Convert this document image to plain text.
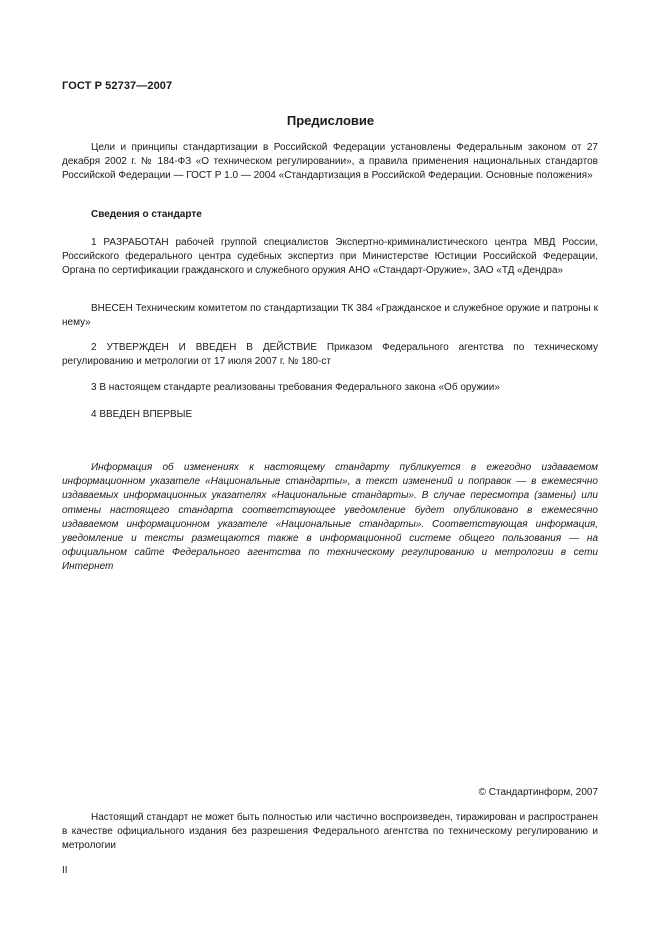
ГОСТ Р 52737—2007
Предисловие

Цели и принципы стандартизации в Российской Федерации установлены Федеральным законом от 27 декабря 2002 г. № 184-ФЗ «О техническом регулировании», а правила применения национальных стандартов Российской Федерации — ГОСТ Р 1.0 — 2004 «Стандартизация в Российской Федерации. Основные положения»

Сведения о стандарте

1 РАЗРАБОТАН рабочей группой специалистов Экспертно-криминалистического центра МВД России, Российского федерального центра судебных экспертиз при Министерстве Юстиции Российской Федерации, Органа по сертификации гражданского и служебного оружия АНО «Стандарт-Оружие», ЗАО «ТД «Дендра»

ВНЕСЕН Техническим комитетом по стандартизации ТК 384 «Гражданское и служебное оружие и патроны к нему»

2 УТВЕРЖДЕН И ВВЕДЕН В ДЕЙСТВИЕ Приказом Федерального агентства по техническому регулированию и метрологии от 17 июля 2007 г. № 180-ст

3 В настоящем стандарте реализованы требования Федерального закона «Об оружии»

4 ВВЕДЕН ВПЕРВЫЕ

Информация об изменениях к настоящему стандарту публикуется в ежегодно издаваемом информационном указателе «Национальные стандарты», а текст изменений и поправок — в ежемесячно издаваемых информационных указателях «Национальные стандарты». В случае пересмотра (замены) или отмены настоящего стандарта соответствующее уведомление будет опубликовано в ежемесячно издаваемом информационном указателе «Национальные стандарты». Соответствующая информация, уведомление и тексты размещаются также в информационной системе общего пользования — на официальном сайте Федерального агентства по техническому регулированию и метрологии в сети Интернет

© Стандартинформ, 2007

Настоящий стандарт не может быть полностью или частично воспроизведен, тиражирован и распространен в качестве официального издания без разрешения Федерального агентства по техническому регулированию и метрологии

II
